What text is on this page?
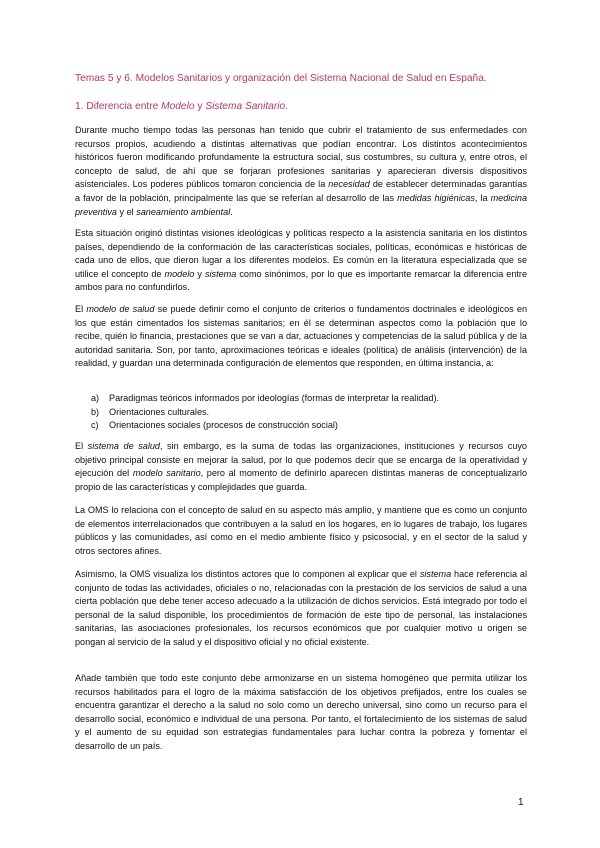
Temas 5 y 6. Modelos Sanitarios y organización del Sistema Nacional de Salud en España.
1. Diferencia entre Modelo y Sistema Sanitario.

Durante mucho tiempo todas las personas han tenido que cubrir el tratamiento de sus enfermedades con recursos propios, acudiendo a distintas alternativas que podían encontrar. Los distintos acontecimientos históricos fueron modificando profundamente la estructura social, sus costumbres, su cultura y, entre otros, el concepto de salud, de ahí que se forjaran profesiones sanitarias y aparecieran diversis dispositivos asistenciales. Los poderes públicos tomaron conciencia de la necesidad de establecer determinadas garantías a favor de la población, principalmente las que se referían al desarrollo de las medidas higiénicas, la medicina preventiva y el saneamiento ambiental.

Esta situación originó distintas visiones ideológicas y políticas respecto a la asistencia sanitaria en los distintos países, dependiendo de la conformación de las características sociales, políticas, económicas e históricas de cada uno de ellos, que dieron lugar a los diferentes modelos. Es común en la literatura especializada que se utilice el concepto de modelo y sistema como sinónimos, por lo que es importante remarcar la diferencia entre ambos para no confundirlos.

El modelo de salud se puede definir como el conjunto de criterios o fundamentos doctrinales e ideológicos en los que están cimentados los sistemas sanitarios; en él se determinan aspectos como la población que lo recibe, quién lo financia, prestaciones que se van a dar, actuaciones y competencias de la salud pública y de la autoridad sanitaria. Son, por tanto, aproximaciones teóricas e ideales (política) de análisis (intervención) de la realidad, y guardan una determinada configuración de elementos que responden, en última instancia, a:

a) Paradigmas teóricos informados por ideologías (formas de interpretar la realidad).
b) Orientaciones culturales.
c) Orientaciones sociales (procesos de construcción social)

El sistema de salud, sin embargo, es la suma de todas las organizaciones, instituciones y recursos cuyo objetivo principal consiste en mejorar la salud, por lo que podemos decir que se encarga de la operatividad y ejecución del modelo sanitario, pero al momento de definirlo aparecen distintas maneras de conceptualizarlo propio de las características y complejidades que guarda.

La OMS lo relaciona con el concepto de salud en su aspecto más amplio, y mantiene que es como un conjunto de elementos interrelacionados que contribuyen a la salud en los hogares, en lo lugares de trabajo, los lugares públicos y las comunidades, así como en el medio ambiente físico y psicosocial, y en el sector de la salud y otros sectores afines.

Asimismo, la OMS visualiza los distintos actores que lo componen al explicar que el sistema hace referencia al conjunto de todas las actividades, oficiales o no, relacionadas con la prestación de los servicios de salud a una cierta población que debe tener acceso adecuado a la utilización de dichos servicios. Está integrado por todo el personal de la salud disponible, los procedimientos de formación de este tipo de personal, las instalaciones sanitarias, las asociaciones profesionales, los recursos económicos que por cualquier motivo u origen se pongan al servicio de la salud y el dispositivo oficial y no oficial existente.

Añade también que todo este conjunto debe armonizarse en un sistema homogéneo que permita utilizar los recursos habilitados para el logro de la máxima satisfacción de los objetivos prefijados, entre los cuales se encuentra garantizar el derecho a la salud no solo como un derecho universal, sino como un recurso para el desarrollo social, económico e individual de una persona. Por tanto, el fortalecimiento de los sistemas de salud y el aumento de su equidad son estrategias fundamentales para luchar contra la pobreza y fomentar el desarrollo de un país.

1
